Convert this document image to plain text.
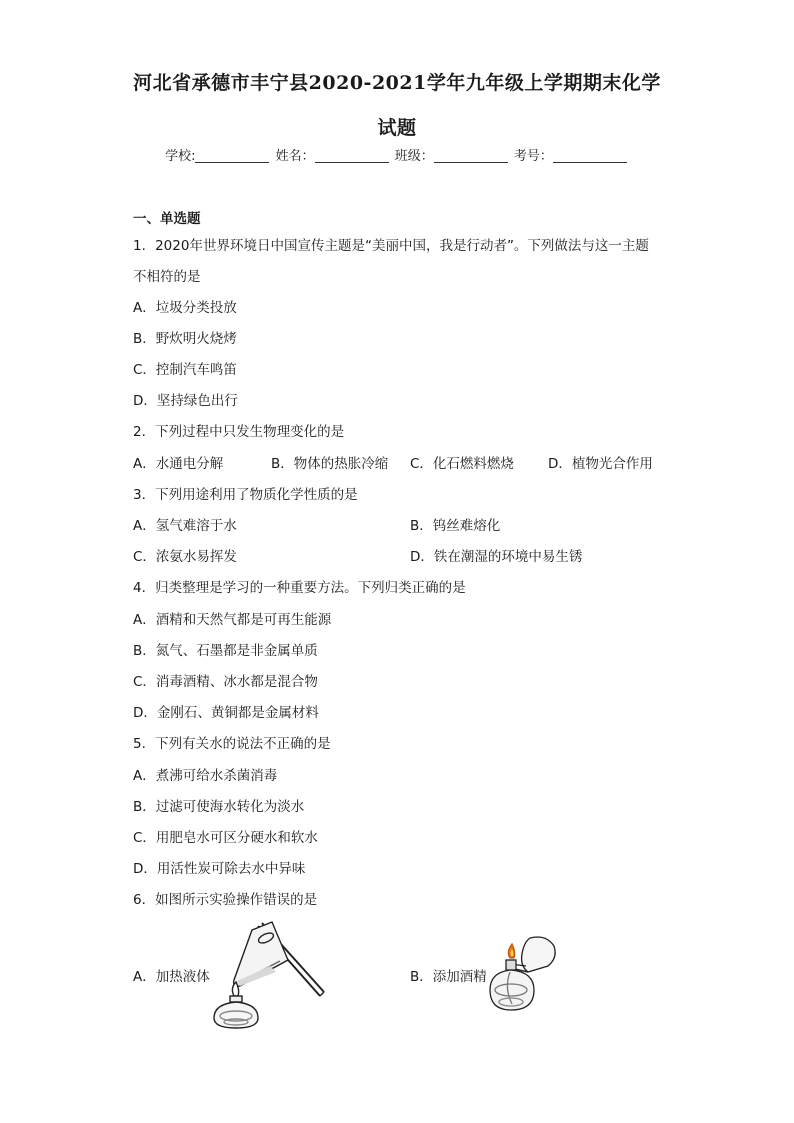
河北省承德市丰宁县2020-2021学年九年级上学期期末化学
试题
学校:	姓名：	班级：	考号：
一、单选题
1．2020年世界环境日中国宣传主题是“美丽中国，我是行动者”。下列做法与这一主题
不相符的是
A．垃圾分类投放
B．野炊明火烧烤
C．控制汽车鸣笛
D．坚持绿色出行
2．下列过程中只发生物理变化的是
A．水通电分解	B．物体的热胀冷缩 C．化石燃料燃烧	D．植物光合作用
3．下列用途利用了物质化学性质的是
A．氢气难溶于水	B．钨丝难熔化
C．浓氨水易挥发	D．铁在潮湿的环境中易生锈
4．归类整理是学习的一种重要方法。下列归类正确的是
A．酒精和天然气都是可再生能源
B．氮气、石墨都是非金属单质
C．消毒酒精、冰水都是混合物
D．金刚石、黄铜都是金属材料
5．下列有关水的说法不正确的是
A．煮沸可给水杀菌消毒
B．过滤可使海水转化为淡水
C．用肥皂水可区分硬水和软水
D．用活性炭可除去水中异味
6．如图所示实验操作错误的是
A．加热液体	B．添加酒精
